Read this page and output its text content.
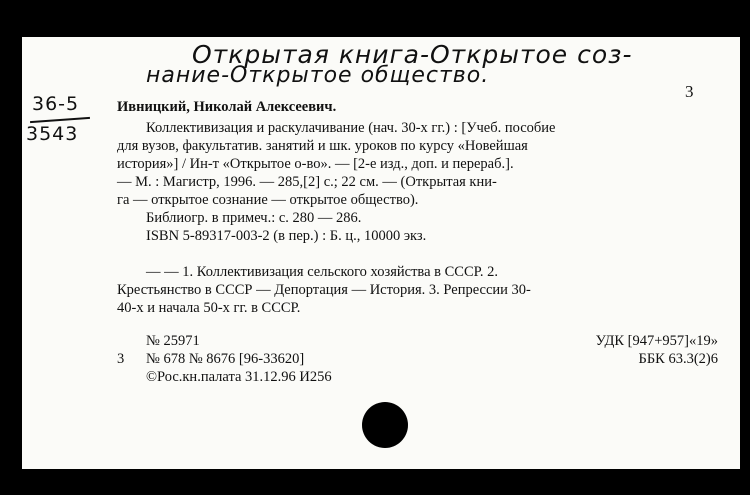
Открытая книга-Открытое соз-
нание-Открытое общество.
36-5
3543
3
Ивницкий, Николай Алексеевич.
Коллективизация и раскулачивание (нач. 30-х гг.) : [Учеб. пособие
для вузов, факультатив. занятий и шк. уроков по курсу «Новейшая
история»] / Ин-т «Открытое о-во». — [2-е изд., доп. и перераб.].
— М. : Магистр, 1996. — 285,[2] с.; 22 см. — (Открытая кни-
га — открытое сознание — открытое общество).
Библиогр. в примеч.: с. 280 — 286.
ISBN 5-89317-003-2 (в пер.) : Б. ц., 10000 экз.
— — 1. Коллективизация сельского хозяйства в СССР. 2.
Крестьянство в СССР — Депортация — История. 3. Репрессии 30-
40-х и начала 50-х гг. в СССР.
№ 25971
3 № 678 № 8676 [96-33620]
©Рос.кн.палата 31.12.96 И256
УДК [947+957]«19»
ББК 63.3(2)6
